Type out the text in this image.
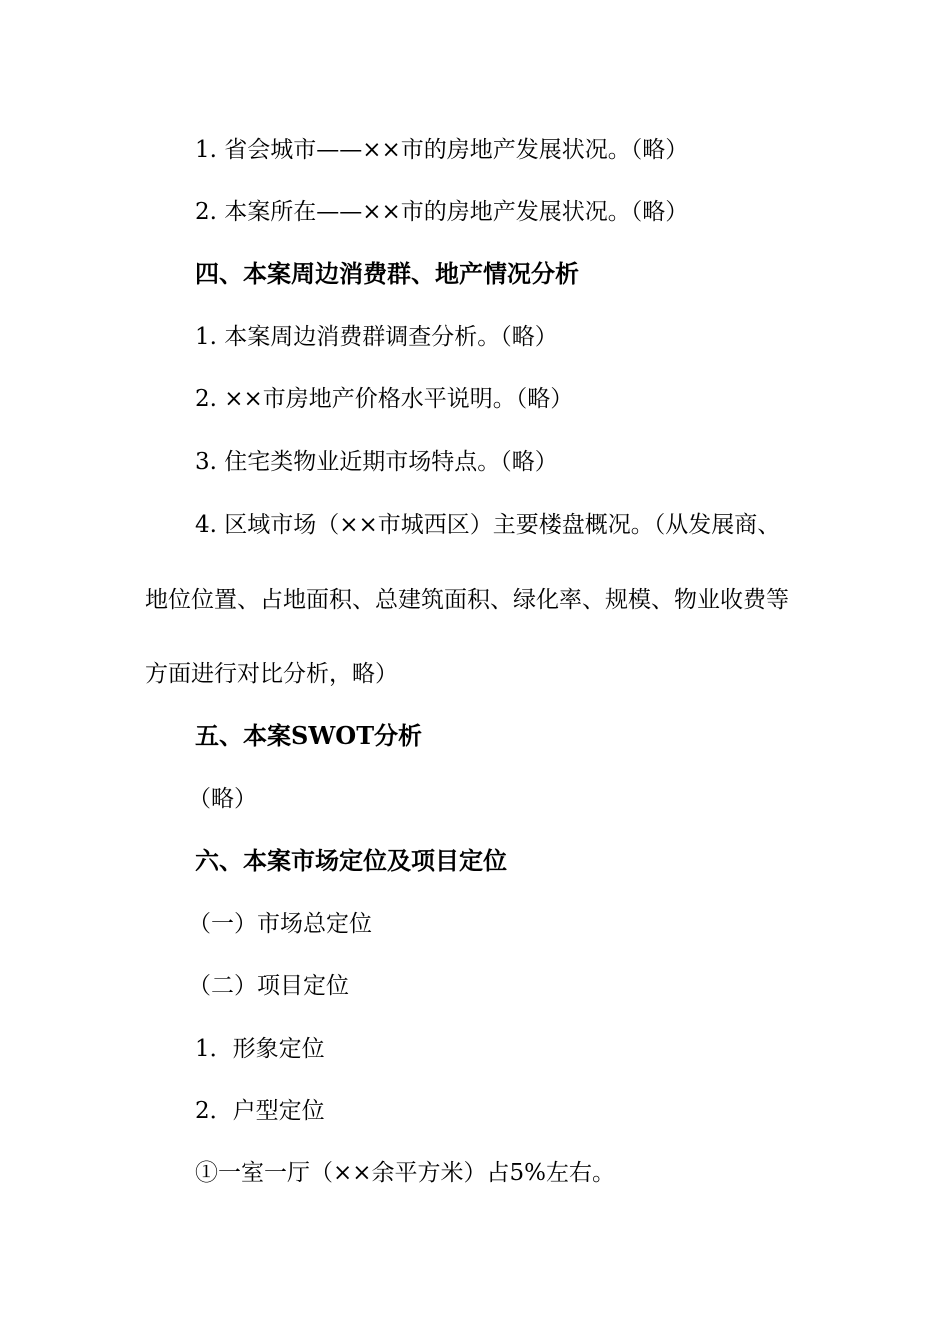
1. 省会城市——××市的房地产发展状况。（略）
2. 本案所在——××市的房地产发展状况。（略）
四、本案周边消费群、地产情况分析
1. 本案周边消费群调查分析。（略）
2. ××市房地产价格水平说明。（略）
3. 住宅类物业近期市场特点。（略）
4. 区域市场（××市城西区）主要楼盘概况。（从发展商、
地位位置、占地面积、总建筑面积、绿化率、规模、物业收费等
方面进行对比分析，略）
五、本案SWOT分析
（略）
六、本案市场定位及项目定位
（一）市场总定位
（二）项目定位
1．形象定位
2．户型定位
①一室一厅（××余平方米）占5%左右。
